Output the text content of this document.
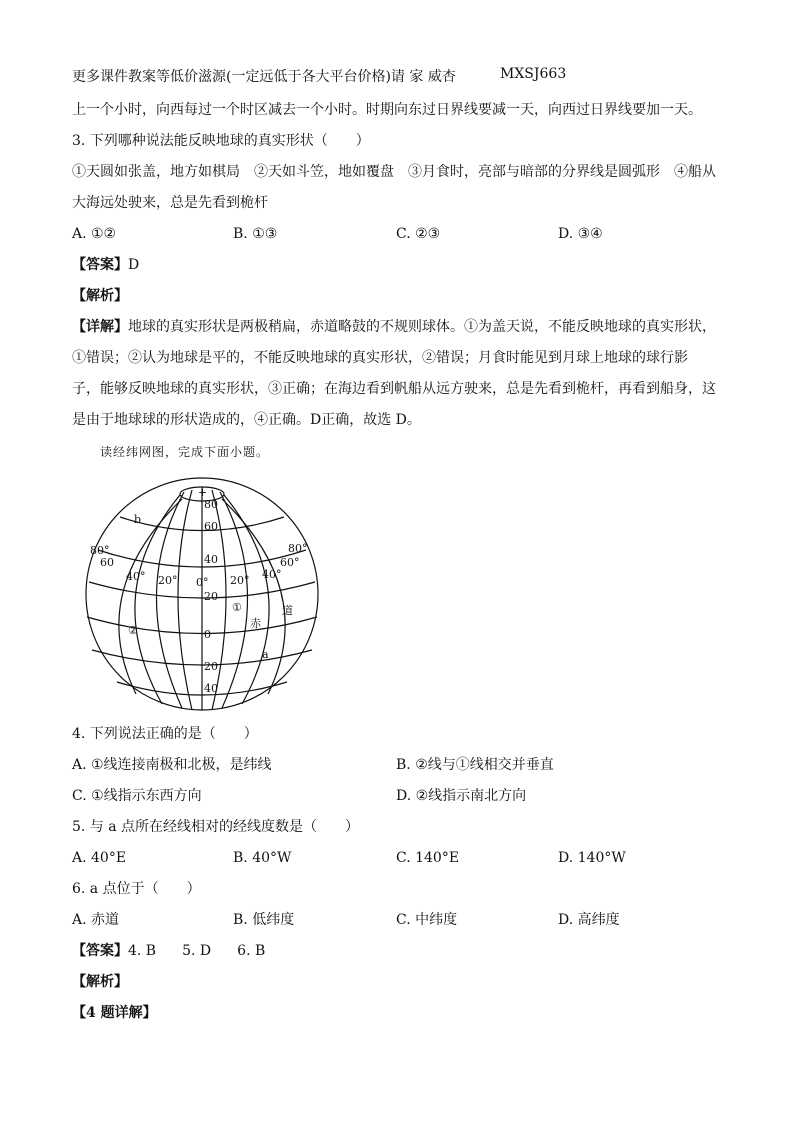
更多课件教案等低价滋源(一定远低于各大平台价格)请 家 威杏	MXSJ663
上一个小时，向西每过一个时区减去一个小时。时期向东过日界线要减一天，向西过日界线要加一天。
3. 下列哪种说法能反映地球的真实形状（　　）
①天圆如张盖，地方如棋局　②天如斗笠，地如覆盘　③月食时，亮部与暗部的分界线是圆弧形　④船从
大海远处驶来，总是先看到桅杆
A. ①②	B. ①③	C. ②③	D. ③④
【答案】D
【解析】
【详解】地球的真实形状是两极稍扁，赤道略鼓的不规则球体。①为盖天说，不能反映地球的真实形状，
①错误；②认为地球是平的，不能反映地球的真实形状，②错误；月食时能见到月球上地球的球行影
子，能够反映地球的真实形状，③正确；在海边看到帆船从远方驶来，总是先看到桅杆，再看到船身，这
是由于地球球的形状造成的，④正确。D正确，故选 D。
读经纬网图，完成下面小题。
+
80
60
40
20
0
20
40
80°
60
40° 20° 0° 20° 40°
60°
80°
b
a
①
②
赤
道
4. 下列说法正确的是（　　）
A. ①线连接南极和北极，是纬线	B. ②线与①线相交并垂直
C. ①线指示东西方向	D. ②线指示南北方向
5. 与 a 点所在经线相对的经线度数是（　　）
A. 40°E	B. 40°W	C. 140°E	D. 140°W
6. a 点位于（　　）
A. 赤道	B. 低纬度	C. 中纬度	D. 高纬度
【答案】4. B 5. D 6. B
【解析】
【4 题详解】
